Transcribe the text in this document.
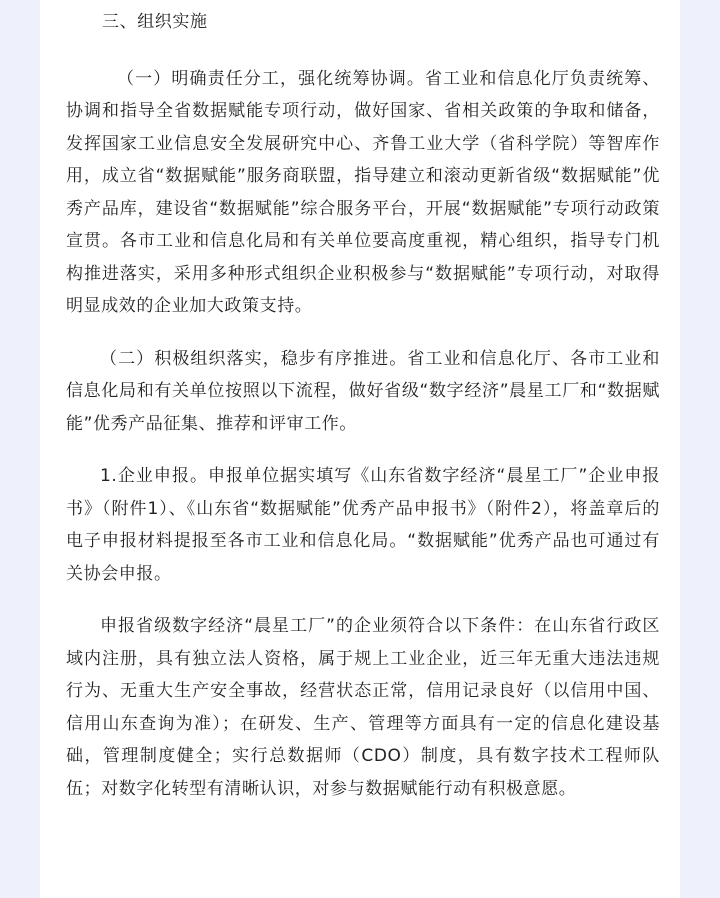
三、组织实施

（一）明确责任分工，强化统筹协调。省工业和信息化厅负责统筹、协调和指导全省数据赋能专项行动，做好国家、省相关政策的争取和储备，发挥国家工业信息安全发展研究中心、齐鲁工业大学（省科学院）等智库作用，成立省“数据赋能”服务商联盟，指导建立和滚动更新省级“数据赋能”优秀产品库，建设省“数据赋能”综合服务平台，开展“数据赋能”专项行动政策宣贯。各市工业和信息化局和有关单位要高度重视，精心组织，指导专门机构推进落实，采用多种形式组织企业积极参与“数据赋能”专项行动，对取得明显成效的企业加大政策支持。

（二）积极组织落实，稳步有序推进。省工业和信息化厅、各市工业和信息化局和有关单位按照以下流程，做好省级“数字经济”晨星工厂和“数据赋能”优秀产品征集、推荐和评审工作。

1.企业申报。申报单位据实填写《山东省数字经济“晨星工厂”企业申报书》（附件1）、《山东省“数据赋能”优秀产品申报书》（附件2），将盖章后的电子申报材料提报至各市工业和信息化局。“数据赋能”优秀产品也可通过有关协会申报。

申报省级数字经济“晨星工厂”的企业须符合以下条件：在山东省行政区域内注册，具有独立法人资格，属于规上工业企业，近三年无重大违法违规行为、无重大生产安全事故，经营状态正常，信用记录良好（以信用中国、信用山东查询为准）；在研发、生产、管理等方面具有一定的信息化建设基础，管理制度健全；实行总数据师（CDO）制度，具有数字技术工程师队伍；对数字化转型有清晰认识，对参与数据赋能行动有积极意愿。
